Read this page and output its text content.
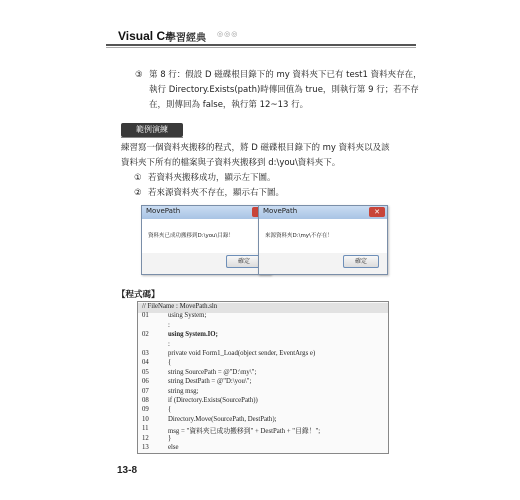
Visual C#
學習經典 ◎◎◎
③ 第 8 行：假設 D 磁碟根目錄下的 my 資料夾下已有 test1 資料夾存在，
執行 Directory.Exists(path)時傳回值為 true，則執行第 9 行；若不存
在，則傳回為 false，執行第 12~13 行。
範例演練
練習寫一個資料夾搬移的程式，將 D 磁碟根目錄下的 my 資料夾以及該
資料夾下所有的檔案與子資料夾搬移到 d:\you\資料夾下。
① 若資料夾搬移成功，顯示左下圖。
② 若來源資料夾不存在，顯示右下圖。
MovePath
資料夾已成功搬移到D:\you\目錄！
確定
MovePath	✕
來源資料夾D:\my\不存在！
確定
【程式碼】
// FileName : MovePath.sln
01	using System;
:
02	using System.IO;
:
03	private void Form1_Load(object sender, EventArgs e)
04	{
05	string SourcePath = @"D:\my\";
06	string DestPath = @"D:\you\";
07	string msg;
08	if (Directory.Exists(SourcePath))
09	{
10	Directory.Move(SourcePath, DestPath);
11	msg = "資料夾已成功搬移到" + DestPath + "目錄！";
12	}
13	else
13-8
